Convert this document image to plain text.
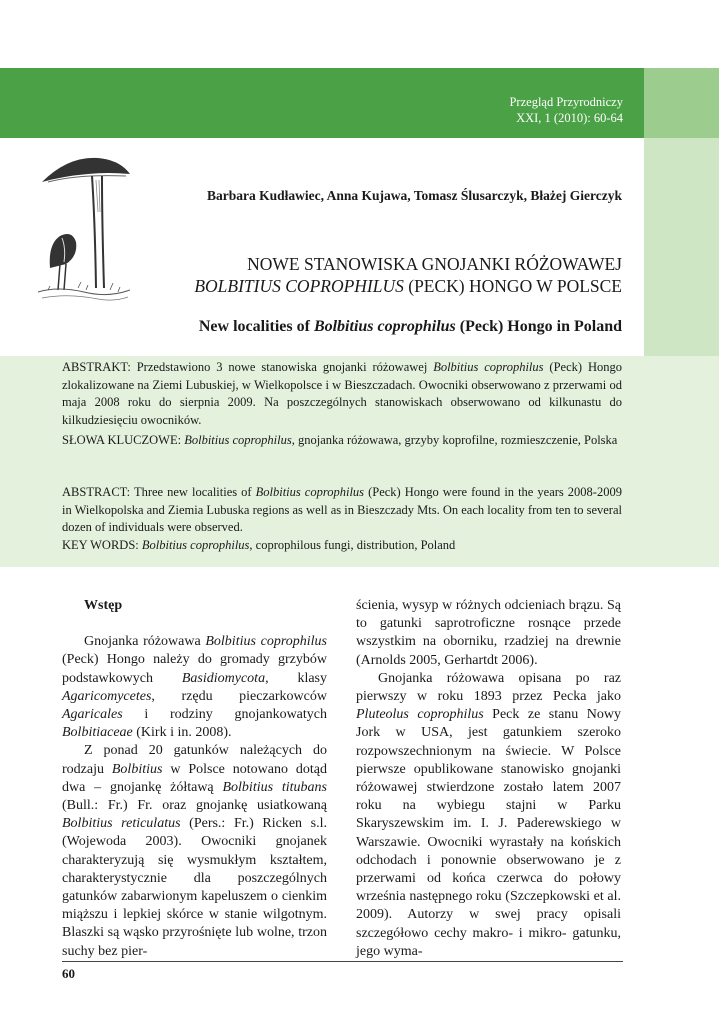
Przegląd Przyrodniczy
XXI, 1 (2010): 60-64
Barbara Kudławiec, Anna Kujawa, Tomasz Ślusarczyk, Błażej Gierczyk
NOWE STANOWISKA GNOJANKI RÓŻOWAWEJ
BOLBITIUS COPROPHILUS (PECK) HONGO W POLSCE
New localities of Bolbitius coprophilus (Peck) Hongo in Poland
ABSTRAKT: Przedstawiono 3 nowe stanowiska gnojanki różowawej Bolbitius coprophilus (Peck) Hongo zlokalizowane na Ziemi Lubuskiej, w Wielkopolsce i w Bieszczadach. Owocniki obserwowano z przerwami od maja 2008 roku do sierpnia 2009. Na poszczególnych stanowiskach obserwowano od kilkunastu do kilkudziesięciu owocników.
SŁOWA KLUCZOWE: Bolbitius coprophilus, gnojanka różowawa, grzyby koprofilne, rozmieszczenie, Polska
ABSTRACT: Three new localities of Bolbitius coprophilus (Peck) Hongo were found in the years 2008-2009 in Wielkopolska and Ziemia Lubuska regions as well as in Bieszczady Mts. On each locality from ten to several dozen of individuals were observed.
KEY WORDS: Bolbitius coprophilus, coprophilous fungi, distribution, Poland
Wstęp

Gnojanka różowawa Bolbitius coprophilus (Peck) Hongo należy do gromady grzybów podstawkowych Basidiomycota, klasy Agaricomycetes, rzędu pieczarkowców Agaricales i rodziny gnojankowatych Bolbitiaceae (Kirk i in. 2008).

Z ponad 20 gatunków należących do rodzaju Bolbitius w Polsce notowano dotąd dwa – gnojankę żółtawą Bolbitius titubans (Bull.: Fr.) Fr. oraz gnojankę usiatkowaną Bolbitius reticulatus (Pers.: Fr.) Ricken s.l. (Wojewoda 2003). Owocniki gnojanek charakteryzują się wysmukłym kształtem, charakterystycznie dla poszczególnych gatunków zabarwionym kapeluszem o cienkim miąższu i lepkiej skórce w stanie wilgotnym. Blaszki są wąsko przyrośnięte lub wolne, trzon suchy bez pier-

ścienia, wysyp w różnych odcieniach brązu. Są to gatunki saprotroficzne rosnące przede wszystkim na oborniku, rzadziej na drewnie (Arnolds 2005, Gerhartdt 2006).

Gnojanka różowawa opisana po raz pierwszy w roku 1893 przez Pecka jako Pluteolus coprophilus Peck ze stanu Nowy Jork w USA, jest gatunkiem szeroko rozpowszechnionym na świecie. W Polsce pierwsze opublikowane stanowisko gnojanki różowawej stwierdzone zostało latem 2007 roku na wybiegu stajni w Parku Skaryszewskim im. I. J. Paderewskiego w Warszawie. Owocniki wyrastały na końskich odchodach i ponownie obserwowano je z przerwami od końca czerwca do połowy września następnego roku (Szczepkowski et al. 2009). Autorzy w swej pracy opisali szczegółowo cechy makro- i mikro- gatunku, jego wyma-

60
